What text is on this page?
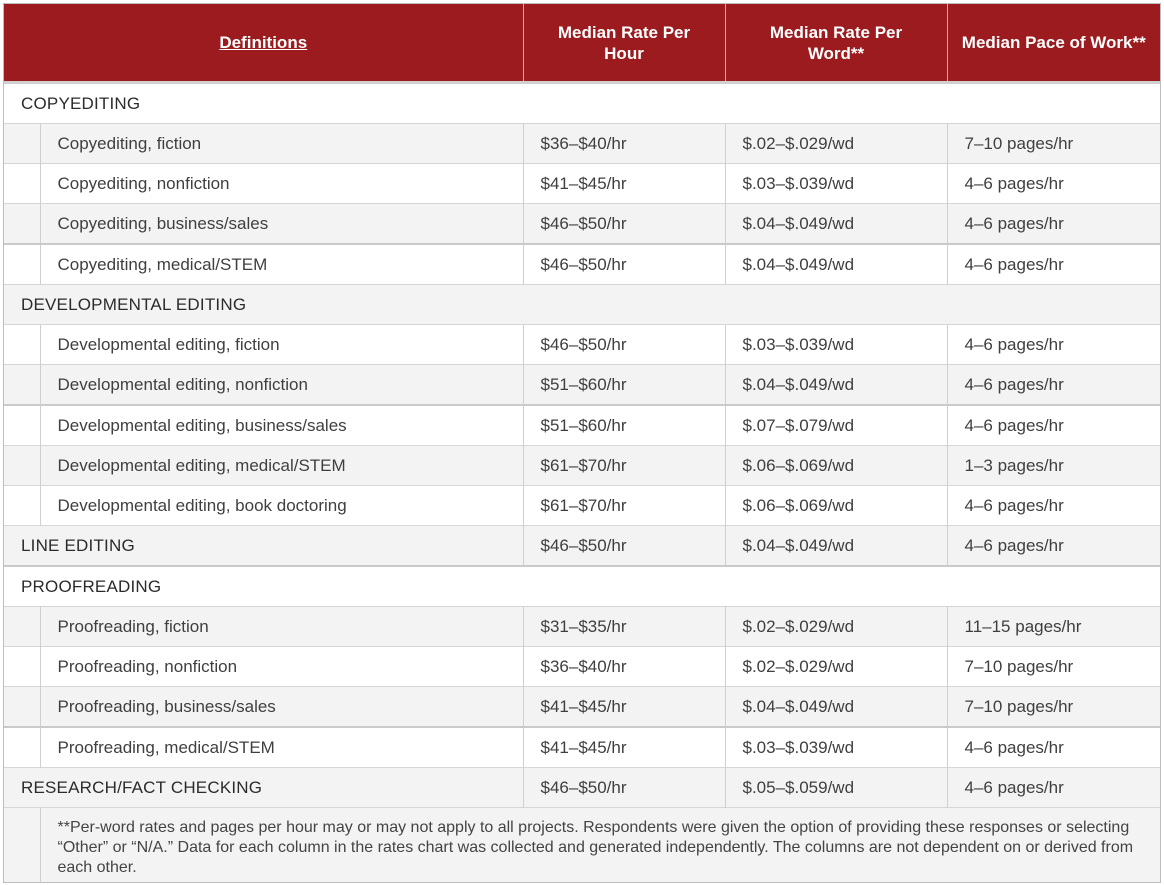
Definitions		Median Rate Per Hour	Median Rate Per Word**	Median Pace of Work**
COPYEDITING				
	Copyediting, fiction	$36–$40/hr	$.02–$.029/wd	7–10 pages/hr
	Copyediting, nonfiction	$41–$45/hr	$.03–$.039/wd	4–6 pages/hr
	Copyediting, business/sales	$46–$50/hr	$.04–$.049/wd	4–6 pages/hr
	Copyediting, medical/STEM	$46–$50/hr	$.04–$.049/wd	4–6 pages/hr
DEVELOPMENTAL EDITING				
	Developmental editing, fiction	$46–$50/hr	$.03–$.039/wd	4–6 pages/hr
	Developmental editing, nonfiction	$51–$60/hr	$.04–$.049/wd	4–6 pages/hr
	Developmental editing, business/sales	$51–$60/hr	$.07–$.079/wd	4–6 pages/hr
	Developmental editing, medical/STEM	$61–$70/hr	$.06–$.069/wd	1–3 pages/hr
	Developmental editing, book doctoring	$61–$70/hr	$.06–$.069/wd	4–6 pages/hr
LINE EDITING		$46–$50/hr	$.04–$.049/wd	4–6 pages/hr
PROOFREADING				
	Proofreading, fiction	$31–$35/hr	$.02–$.029/wd	11–15 pages/hr
	Proofreading, nonfiction	$36–$40/hr	$.02–$.029/wd	7–10 pages/hr
	Proofreading, business/sales	$41–$45/hr	$.04–$.049/wd	7–10 pages/hr
	Proofreading, medical/STEM	$41–$45/hr	$.03–$.039/wd	4–6 pages/hr
RESEARCH/FACT CHECKING		$46–$50/hr	$.05–$.059/wd	4–6 pages/hr
	**Per-word rates and pages per hour may or may not apply to all projects. Respondents were given the option of providing these responses or selecting “Other” or “N/A.” Data for each column in the rates chart was collected and generated independently. The columns are not dependent on or derived from each other.			
